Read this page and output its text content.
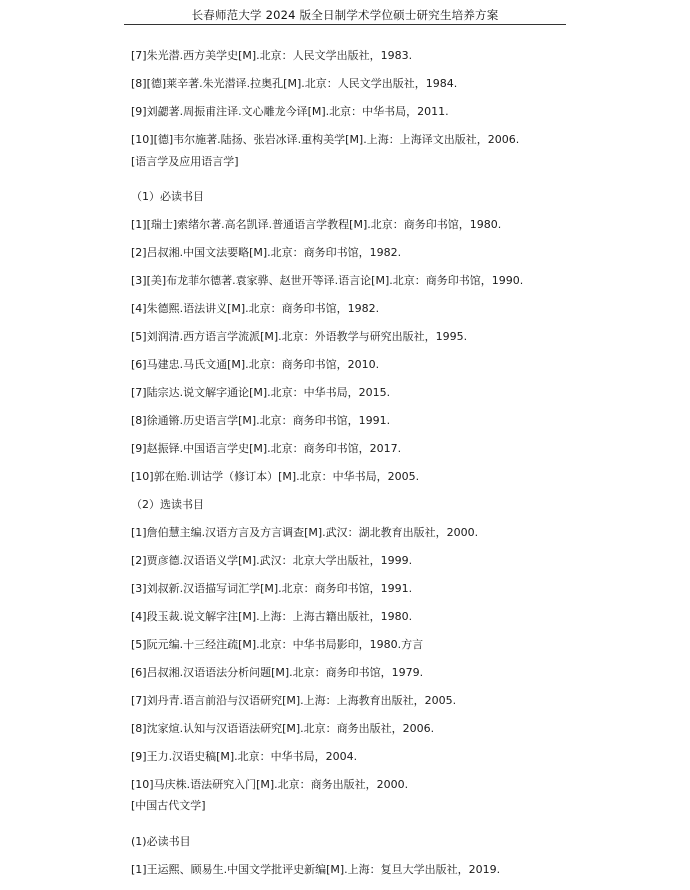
长春师范大学 2024 版全日制学术学位硕士研究生培养方案
[7]朱光潜.西方美学史[M].北京：人民文学出版社，1983.
[8][德]莱辛著.朱光潜译.拉奥孔[M].北京：人民文学出版社，1984.
[9]刘勰著.周振甫注译.文心雕龙今译[M].北京：中华书局，2011.
[10][德]韦尔施著.陆扬、张岩冰译.重构美学[M].上海：上海译文出版社，2006.
[语言学及应用语言学]
（1）必读书目
[1][瑞士]索绪尔著.高名凯译.普通语言学教程[M].北京：商务印书馆，1980.
[2]吕叔湘.中国文法要略[M].北京：商务印书馆，1982.
[3][美]布龙菲尔德著.袁家骅、赵世开等译.语言论[M].北京：商务印书馆，1990.
[4]朱德熙.语法讲义[M].北京：商务印书馆，1982.
[5]刘润清.西方语言学流派[M].北京：外语教学与研究出版社，1995.
[6]马建忠.马氏文通[M].北京：商务印书馆，2010.
[7]陆宗达.说文解字通论[M].北京：中华书局，2015.
[8]徐通锵.历史语言学[M].北京：商务印书馆，1991.
[9]赵振铎.中国语言学史[M].北京：商务印书馆，2017.
[10]郭在贻.训诂学（修订本）[M].北京：中华书局，2005.
（2）选读书目
[1]詹伯慧主编.汉语方言及方言调查[M].武汉：湖北教育出版社，2000.
[2]贾彦德.汉语语义学[M].武汉：北京大学出版社，1999.
[3]刘叔新.汉语描写词汇学[M].北京：商务印书馆，1991.
[4]段玉裁.说文解字注[M].上海：上海古籍出版社，1980.
[5]阮元编.十三经注疏[M].北京：中华书局影印，1980.方言
[6]吕叔湘.汉语语法分析问题[M].北京：商务印书馆，1979.
[7]刘丹青.语言前沿与汉语研究[M].上海：上海教育出版社，2005.
[8]沈家煊.认知与汉语语法研究[M].北京：商务出版社，2006.
[9]王力.汉语史稿[M].北京：中华书局，2004.
[10]马庆株.语法研究入门[M].北京：商务出版社，2000.
[中国古代文学]
(1)必读书目
[1]王运熙、顾易生.中国文学批评史新编[M].上海：复旦大学出版社，2019.
